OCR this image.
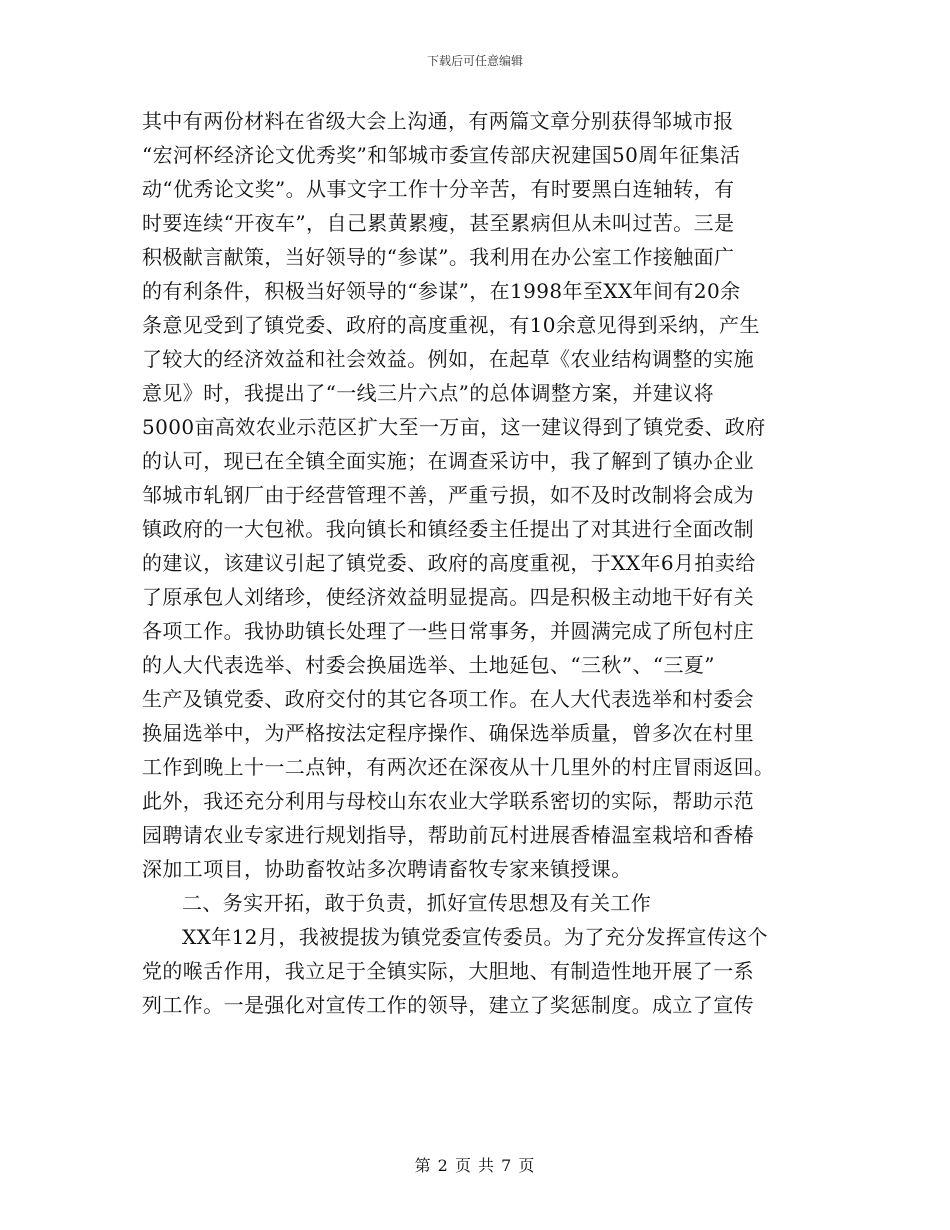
下载后可任意编辑
其中有两份材料在省级大会上沟通，有两篇文章分别获得邹城市报
“宏河杯经济论文优秀奖”和邹城市委宣传部庆祝建国50周年征集活
动“优秀论文奖”。从事文字工作十分辛苦，有时要黑白连轴转，有
时要连续“开夜车”，自己累黄累瘦，甚至累病但从未叫过苦。三是
积极献言献策，当好领导的“参谋”。我利用在办公室工作接触面广
的有利条件，积极当好领导的“参谋”，在1998年至XX年间有20余
条意见受到了镇党委、政府的高度重视，有10余意见得到采纳，产生
了较大的经济效益和社会效益。例如，在起草《农业结构调整的实施
意见》时，我提出了“一线三片六点”的总体调整方案，并建议将
5000亩高效农业示范区扩大至一万亩，这一建议得到了镇党委、政府
的认可，现已在全镇全面实施；在调查采访中，我了解到了镇办企业
邹城市轧钢厂由于经营管理不善，严重亏损，如不及时改制将会成为
镇政府的一大包袱。我向镇长和镇经委主任提出了对其进行全面改制
的建议，该建议引起了镇党委、政府的高度重视，于XX年6月拍卖给
了原承包人刘绪珍，使经济效益明显提高。四是积极主动地干好有关
各项工作。我协助镇长处理了一些日常事务，并圆满完成了所包村庄
的人大代表选举、村委会换届选举、土地延包、“三秋”、“三夏”
生产及镇党委、政府交付的其它各项工作。在人大代表选举和村委会
换届选举中，为严格按法定程序操作、确保选举质量，曾多次在村里
工作到晚上十一二点钟，有两次还在深夜从十几里外的村庄冒雨返回。
此外，我还充分利用与母校山东农业大学联系密切的实际，帮助示范
园聘请农业专家进行规划指导，帮助前瓦村进展香椿温室栽培和香椿
深加工项目，协助畜牧站多次聘请畜牧专家来镇授课。
二、务实开拓，敢于负责，抓好宣传思想及有关工作
XX年12月，我被提拔为镇党委宣传委员。为了充分发挥宣传这个
党的喉舌作用，我立足于全镇实际，大胆地、有制造性地开展了一系
列工作。一是强化对宣传工作的领导，建立了奖惩制度。成立了宣传
第 2 页 共 7 页
